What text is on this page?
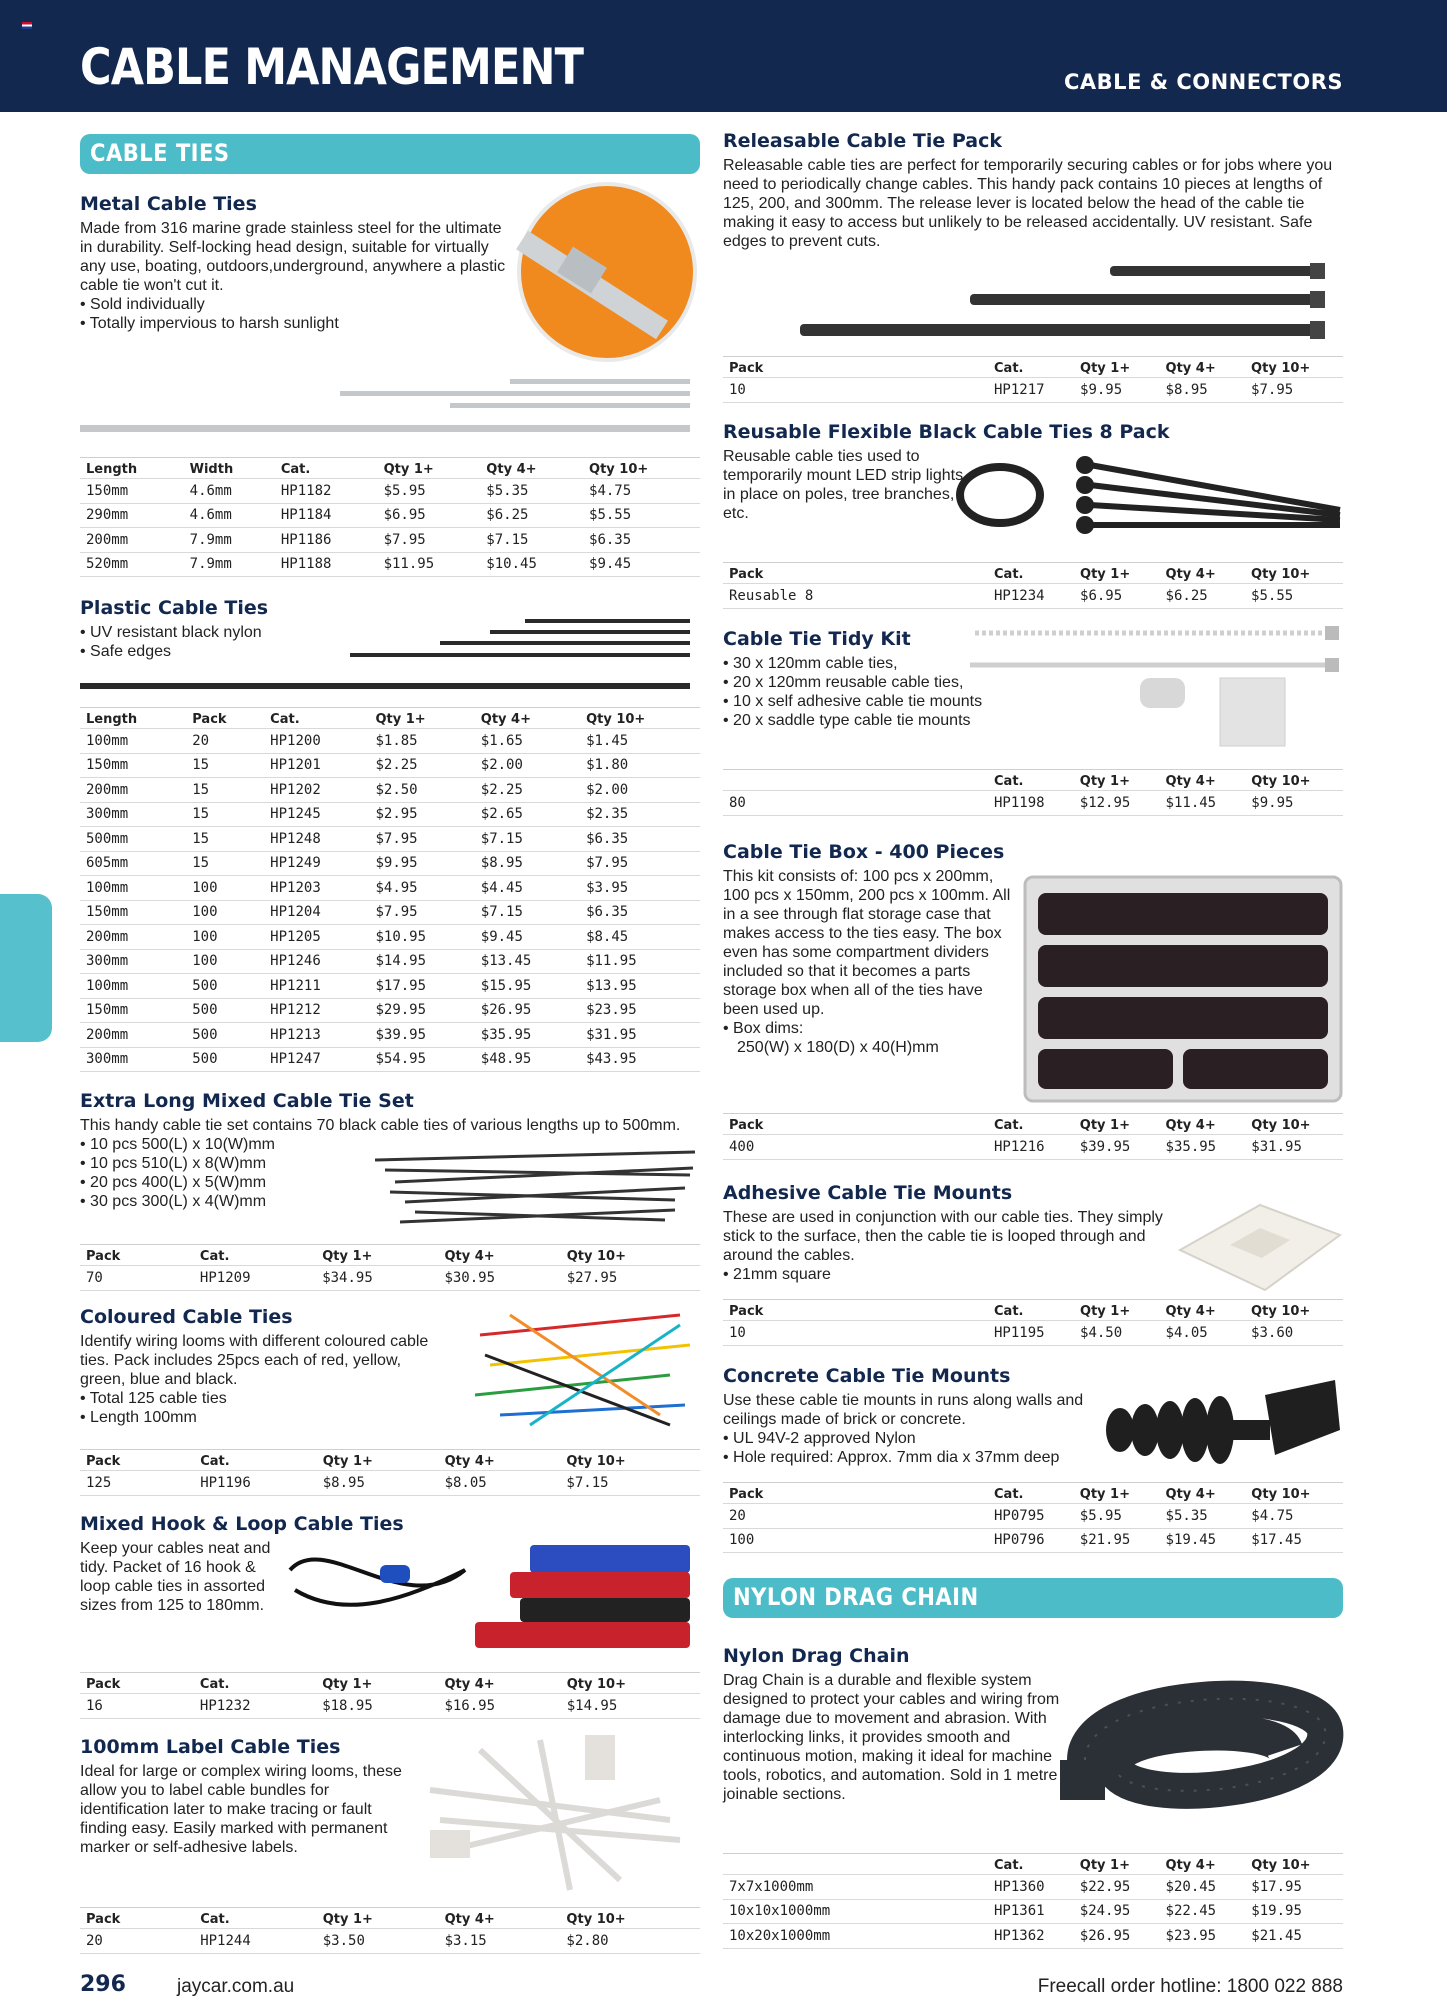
CABLE MANAGEMENT	CABLE & CONNECTORS
CABLE TIES
Metal Cable Ties
Made from 316 marine grade stainless steel for the ultimate in durability. Self-locking head design, suitable for virtually any use, boating, outdoors,underground, anywhere a plastic cable tie won't cut it.
• Sold individually
• Totally impervious to harsh sunlight
Length	Width	Cat.	Qty 1+	Qty 4+	Qty 10+
150mm	4.6mm	HP1182	$5.95	$5.35	$4.75
290mm	4.6mm	HP1184	$6.95	$6.25	$5.55
200mm	7.9mm	HP1186	$7.95	$7.15	$6.35
520mm	7.9mm	HP1188	$11.95	$10.45	$9.45
Plastic Cable Ties
• UV resistant black nylon
• Safe edges
Length	Pack	Cat.	Qty 1+	Qty 4+	Qty 10+
100mm	20	HP1200	$1.85	$1.65	$1.45
150mm	15	HP1201	$2.25	$2.00	$1.80
200mm	15	HP1202	$2.50	$2.25	$2.00
300mm	15	HP1245	$2.95	$2.65	$2.35
500mm	15	HP1248	$7.95	$7.15	$6.35
605mm	15	HP1249	$9.95	$8.95	$7.95
100mm	100	HP1203	$4.95	$4.45	$3.95
150mm	100	HP1204	$7.95	$7.15	$6.35
200mm	100	HP1205	$10.95	$9.45	$8.45
300mm	100	HP1246	$14.95	$13.45	$11.95
100mm	500	HP1211	$17.95	$15.95	$13.95
150mm	500	HP1212	$29.95	$26.95	$23.95
200mm	500	HP1213	$39.95	$35.95	$31.95
300mm	500	HP1247	$54.95	$48.95	$43.95
Extra Long Mixed Cable Tie Set
This handy cable tie set contains 70 black cable ties of various lengths up to 500mm.
• 10 pcs 500(L) x 10(W)mm
• 10 pcs 510(L) x 8(W)mm
• 20 pcs 400(L) x 5(W)mm
• 30 pcs 300(L) x 4(W)mm
Pack		Cat.	Qty 1+	Qty 4+	Qty 10+
70		HP1209	$34.95	$30.95	$27.95
Coloured Cable Ties
Identify wiring looms with different coloured cable ties. Pack includes 25pcs each of red, yellow, green, blue and black.
• Total 125 cable ties
• Length 100mm
Pack		Cat.	Qty 1+	Qty 4+	Qty 10+
125		HP1196	$8.95	$8.05	$7.15
Mixed Hook & Loop Cable Ties
Keep your cables neat and tidy. Packet of 16 hook & loop cable ties in assorted sizes from 125 to 180mm.
Pack		Cat.	Qty 1+	Qty 4+	Qty 10+
16		HP1232	$18.95	$16.95	$14.95
100mm Label Cable Ties
Ideal for large or complex wiring looms, these allow you to label cable bundles for identification later to make tracing or fault finding easy. Easily marked with permanent marker or self-adhesive labels.
Pack		Cat.	Qty 1+	Qty 4+	Qty 10+
20		HP1244	$3.50	$3.15	$2.80
Releasable Cable Tie Pack
Releasable cable ties are perfect for temporarily securing cables or for jobs where you need to periodically change cables. This handy pack contains 10 pieces at lengths of 125, 200, and 300mm. The release lever is located below the head of the cable tie making it easy to access but unlikely to be released accidentally. UV resistant. Safe edges to prevent cuts.
Pack	Cat.	Qty 1+	Qty 4+	Qty 10+
10	HP1217	$9.95	$8.95	$7.95
Reusable Flexible Black Cable Ties 8 Pack
Reusable cable ties used to temporarily mount LED strip lights in place on poles, tree branches, etc.
Pack	Cat.	Qty 1+	Qty 4+	Qty 10+
Reusable 8	HP1234	$6.95	$6.25	$5.55
Cable Tie Tidy Kit
• 30 x 120mm cable ties,
• 20 x 120mm reusable cable ties,
• 10 x self adhesive cable tie mounts
• 20 x saddle type cable tie mounts
	Cat.	Qty 1+	Qty 4+	Qty 10+
80	HP1198	$12.95	$11.45	$9.95
Cable Tie Box - 400 Pieces
This kit consists of: 100 pcs x 200mm, 100 pcs x 150mm, 200 pcs x 100mm. All in a see through flat storage case that makes access to the ties easy. The box even has some compartment dividers included so that it becomes a parts storage box when all of the ties have been used up.
• Box dims:
250(W) x 180(D) x 40(H)mm
Pack	Cat.	Qty 1+	Qty 4+	Qty 10+
400	HP1216	$39.95	$35.95	$31.95
Adhesive Cable Tie Mounts
These are used in conjunction with our cable ties. They simply stick to the surface, then the cable tie is looped through and around the cables.
• 21mm square
Pack	Cat.	Qty 1+	Qty 4+	Qty 10+
10	HP1195	$4.50	$4.05	$3.60
Concrete Cable Tie Mounts
Use these cable tie mounts in runs along walls and ceilings made of brick or concrete.
• UL 94V-2 approved Nylon
• Hole required: Approx. 7mm dia x 37mm deep
Pack	Cat.	Qty 1+	Qty 4+	Qty 10+
20	HP0795	$5.95	$5.35	$4.75
100	HP0796	$21.95	$19.45	$17.45
NYLON DRAG CHAIN
Nylon Drag Chain
Drag Chain is a durable and flexible system designed to protect your cables and wiring from damage due to movement and abrasion. With interlocking links, it provides smooth and continuous motion, making it ideal for machine tools, robotics, and automation. Sold in 1 metre joinable sections.
	Cat.	Qty 1+	Qty 4+	Qty 10+
7x7x1000mm	HP1360	$22.95	$20.45	$17.95
10x10x1000mm	HP1361	$24.95	$22.45	$19.95
10x20x1000mm	HP1362	$26.95	$23.95	$21.45
296	jaycar.com.au	Freecall order hotline: 1800 022 888
